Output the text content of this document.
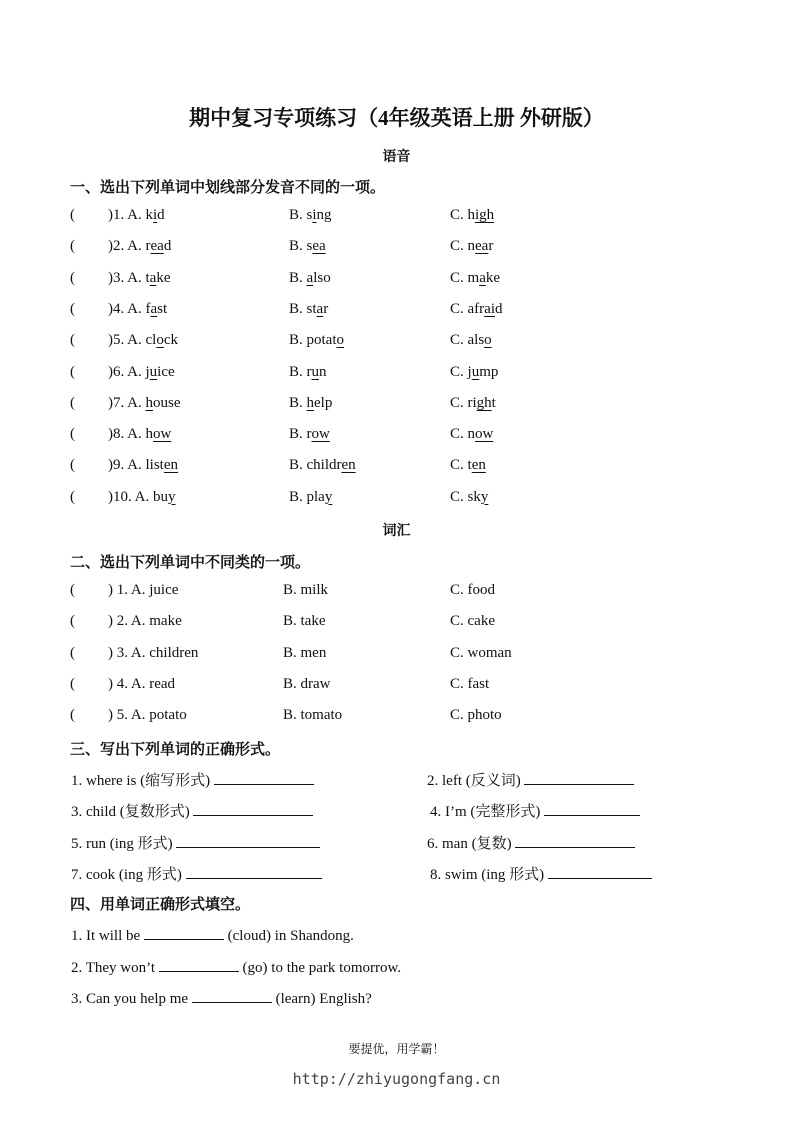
期中复习专项练习（4年级英语上册 外研版）
语音
一、选出下列单词中划线部分发音不同的一项。
( )1. A. kid	B. sing	C. high
( )2. A. read	B. sea	C. near
( )3. A. take	B. also	C. make
( )4. A. fast	B. star	C. afraid
( )5. A. clock	B. potato	C. also
( )6. A. juice	B. run	C. jump
( )7. A. house	B. help	C. right
( )8. A. how	B. row	C. now
( )9. A. listen	B. children	C. ten
( )10. A. buy	B. play	C. sky
词汇
二、选出下列单词中不同类的一项。
( ) 1. A. juice	B. milk	C. food
( ) 2. A. make	B. take	C. cake
( ) 3. A. children	B. men	C. woman
( ) 4. A. read	B. draw	C. fast
( ) 5. A. potato	B. tomato	C. photo
三、写出下列单词的正确形式。
1. where is (缩写形式)	2. left (反义词)
3. child (复数形式)	4. I’m (完整形式)
5. run (ing 形式)	6. man (复数)
7. cook (ing 形式)	8. swim (ing 形式)
四、用单词正确形式填空。
1. It will be	(cloud) in Shandong.
2. They won’t	(go) to the park tomorrow.
3. Can you help me	(learn) English?
要提优，用学霸！
http://zhiyugongfang.cn
